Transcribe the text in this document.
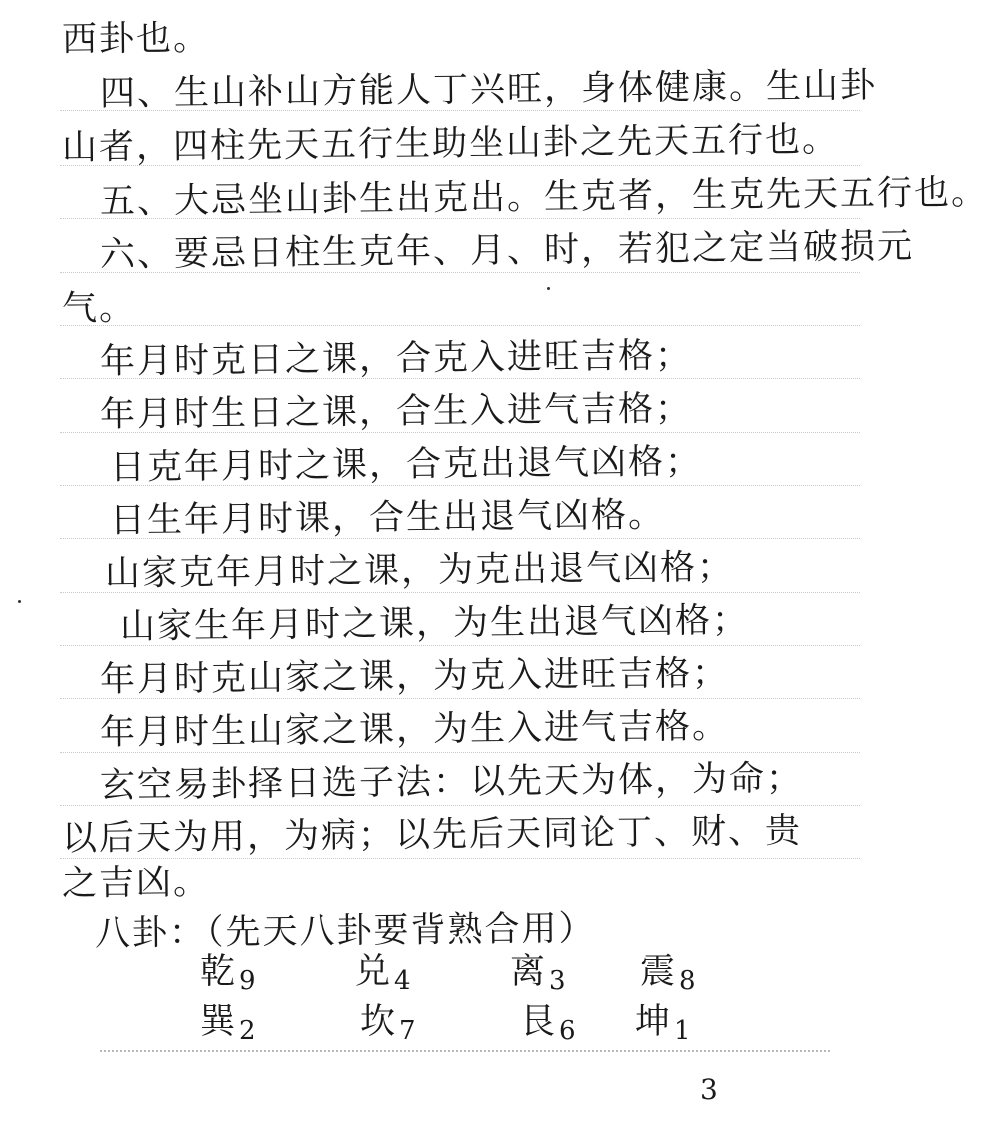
西卦也。
四、生山补山方能人丁兴旺，身体健康。生山卦
山者，四柱先天五行生助坐山卦之先天五行也。
五、大忌坐山卦生出克出。生克者，生克先天五行也。
六、要忌日柱生克年、月、时，若犯之定当破损元
气。
年月时克日之课，合克入进旺吉格；
年月时生日之课，合生入进气吉格；
日克年月时之课，合克出退气凶格；
日生年月时课，合生出退气凶格。
山家克年月时之课，为克出退气凶格；
山家生年月时之课，为生出退气凶格；
年月时克山家之课，为克入进旺吉格；
年月时生山家之课，为生入进气吉格。
玄空易卦择日选子法：以先天为体，为命；
以后天为用，为病；以先后天同论丁、财、贵
之吉凶。
八卦：（先天八卦要背熟合用）
乾 9	兑 4	离 3 震 8
巽 2	坎 7	艮 6 坤 1
3
